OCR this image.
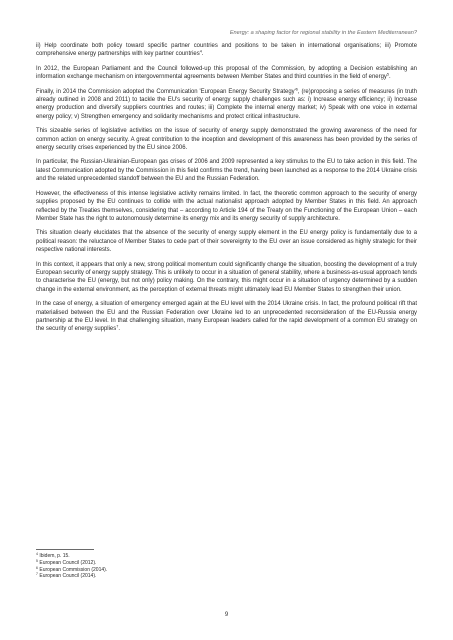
Energy: a shaping factor for regional stability in the Eastern Mediterranean?

ii) Help coordinate both policy toward specific partner countries and positions to be taken in international organisations; iii) Promote comprehensive energy partnerships with key partner countries$^4$.

In 2012, the European Parliament and the Council followed-up this proposal of the Commission, by adopting a Decision establishing an information exchange mechanism on intergovernmental agreements between Member States and third countries in the field of energy$^5$.

Finally, in 2014 the Commission adopted the Communication 'European Energy Security $Strategy'^6$, (re)proposing a series of measures (in truth already outlined in 2008 and 2011) to tackle the EU's security of energy supply challenges such as: i) Increase energy efficiency; ii) Increase energy production and diversify suppliers countries and routes; iii) Complete the internal energy market; iv) Speak with one voice in external energy policy; v) Strengthen emergency and solidarity mechanisms and protect critical infrastructure.

This sizeable series of legislative activities on the issue of security of energy supply demonstrated the growing awareness of the need for common action on energy security. A great contribution to the inception and development of this awareness has been provided by the series of energy security crises experienced by the EU since 2006.

In particular, the Russian-Ukrainian-European gas crises of 2006 and 2009 represented a key stimulus to the EU to take action in this field. The latest Communication adopted by the Commission in this field confirms the trend, having been launched as a response to the 2014 Ukraine crisis and the related unprecedented standoff between the EU and the Russian Federation.

However, the effectiveness of this intense legislative activity remains limited. In fact, the theoretic common approach to the security of energy supplies proposed by the EU continues to collide with the actual nationalist approach adopted by Member States in this field. An approach reflected by the Treaties themselves, considering that – according to Article 194 of the Treaty on the Functioning of the European Union – each Member State has the right to autonomously determine its energy mix and its energy security of supply architecture.

This situation clearly elucidates that the absence of the security of energy supply element in the EU energy policy is fundamentally due to a political reason: the reluctance of Member States to cede part of their sovereignty to the EU over an issue considered as highly strategic for their respective national interests.

In this context, it appears that only a new, strong political momentum could significantly change the situation, boosting the development of a truly European security of energy supply strategy. This is unlikely to occur in a situation of general stability, where a business-as-usual approach tends to characterise the EU (energy, but not only) policy making. On the contrary, this might occur in a situation of urgency determined by a sudden change in the external environment, as the perception of external threats might ultimately lead EU Member States to strengthen their union.

In the case of energy, a situation of emergency emerged again at the EU level with the 2014 Ukraine crisis. In fact, the profound political rift that materialised between the EU and the Russian Federation over Ukraine led to an unprecedented reconsideration of the EU-Russia energy partnership at the EU level. In that challenging situation, many European leaders called for the rapid development of a common EU strategy on the security of energy supplies$^7$.

$^4$ Ibidem, p. 15.
$^5$ European Council (2012).
$^6$ European Commission (2014).
$^7$ European Council (2014).
9
